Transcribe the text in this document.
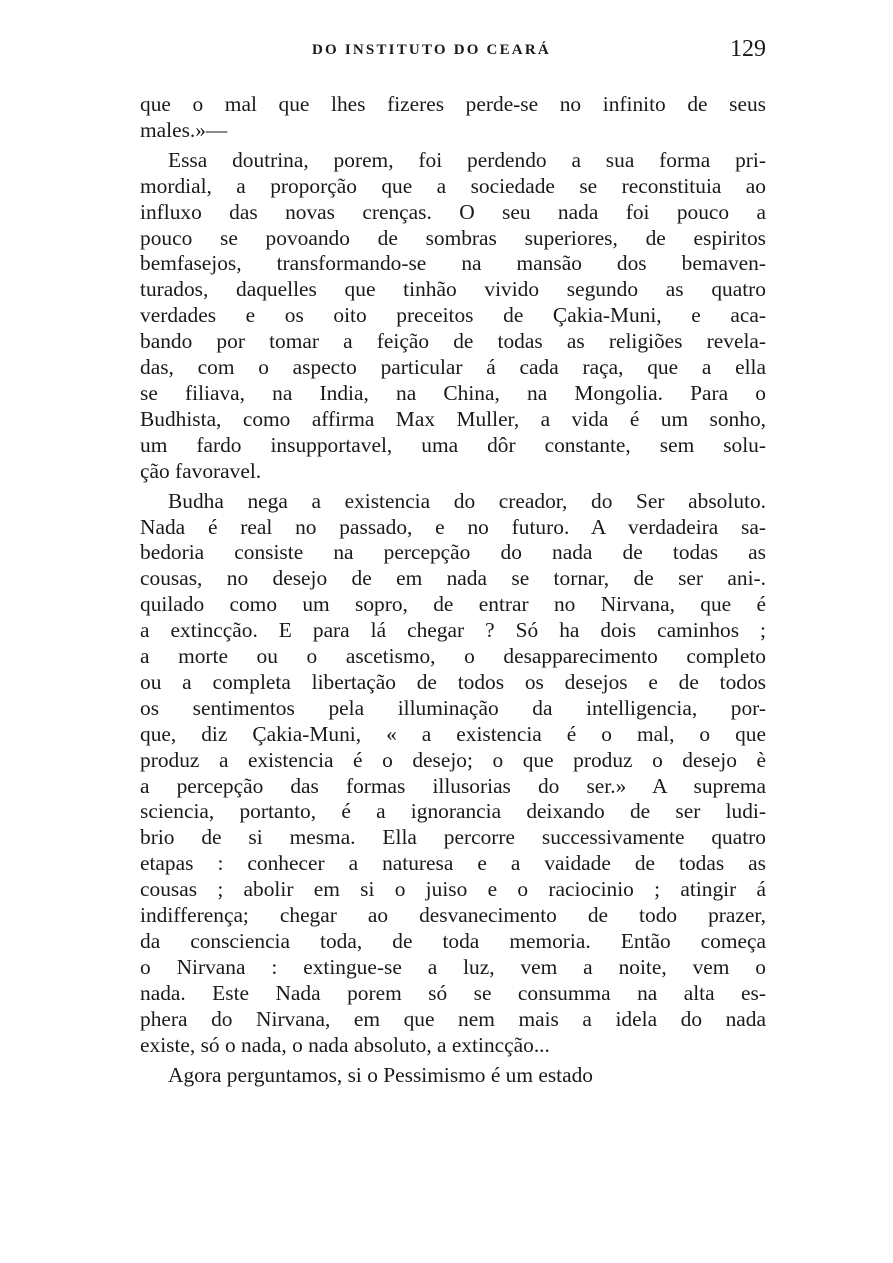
DO INSTITUTO DO CEARÁ	129
que o mal que lhes fizeres perde-se no infinito de seus
males.»—
Essa doutrina, porem, foi perdendo a sua forma pri-
mordial, a proporção que a sociedade se reconstituia ao
influxo das novas crenças. O seu nada foi pouco a
pouco se povoando de sombras superiores, de espiritos
bemfasejos, transformando-se na mansão dos bemaven-
turados, daquelles que tinhão vivido segundo as quatro
verdades e os oito preceitos de Çakia-Muni, e aca-
bando por tomar a feição de todas as religiões revela-
das, com o aspecto particular á cada raça, que a ella
se filiava, na India, na China, na Mongolia. Para o
Budhista, como affirma Max Muller, a vida é um sonho,
um fardo insupportavel, uma dôr constante, sem solu-
ção favoravel.
Budha nega a existencia do creador, do Ser absoluto.
Nada é real no passado, e no futuro. A verdadeira sa-
bedoria consiste na percepção do nada de todas as
cousas, no desejo de em nada se tornar, de ser ani-.
quilado como um sopro, de entrar no Nirvana, que é
a extincção. E para lá chegar ? Só ha dois caminhos ;
a morte ou o ascetismo, o desapparecimento completo
ou a completa libertação de todos os desejos e de todos
os sentimentos pela illuminação da intelligencia, por-
que, diz Çakia-Muni, « a existencia é o mal, o que
produz a existencia é o desejo; o que produz o desejo è
a percepção das formas illusorias do ser.» A suprema
sciencia, portanto, é a ignorancia deixando de ser ludi-
brio de si mesma. Ella percorre successivamente quatro
etapas : conhecer a naturesa e a vaidade de todas as
cousas ; abolir em si o juiso e o raciocinio ; atingir á
indifferença; chegar ao desvanecimento de todo prazer,
da consciencia toda, de toda memoria. Então começa
o Nirvana : extingue-se a luz, vem a noite, vem o
nada. Este Nada porem só se consumma na alta es-
phera do Nirvana, em que nem mais a idela do nada
existe, só o nada, o nada absoluto, a extincção...
Agora perguntamos, si o Pessimismo é um estado
